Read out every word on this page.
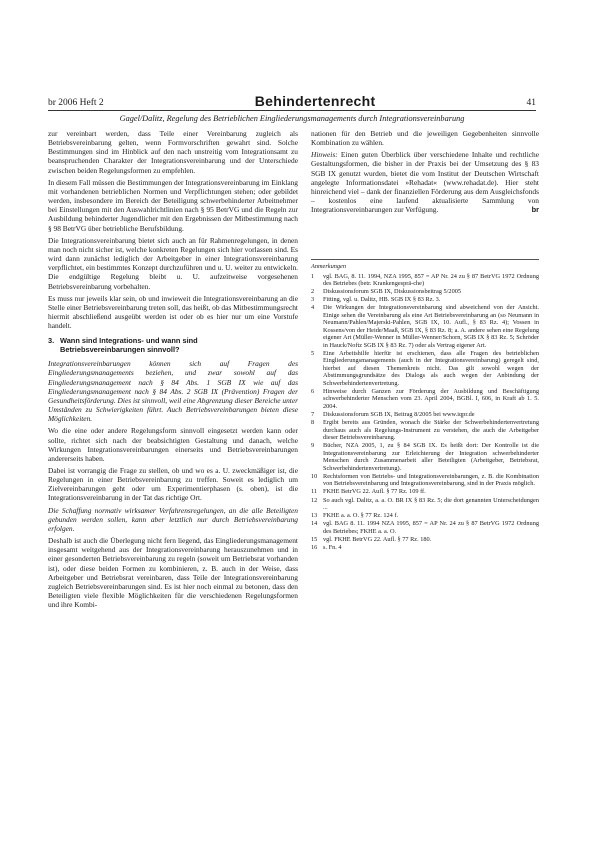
br 2006 Heft 2	Behindertenrecht	41
Gagel/Dalitz, Regelung des Betrieblichen Eingliederungsmanagements durch Integrationsvereinbarung

zur vereinbart werden, dass Teile einer Vereinbarung zugleich als Betriebsvereinbarung gelten, wenn Formvorschriften gewahrt sind. Solche Bestimmungen sind im Hinblick auf den nach unstreitig vom Integrationsamt zu beanspruchenden Charakter der Integrationsvereinbarung und der Unterschiede zwischen beiden Regelungsformen zu empfehlen.

In diesem Fall müssen die Bestimmungen der Integrationsvereinbarung im Einklang mit vorhandenen betrieblichen Normen und Verpflichtungen stehen; oder gebildet werden, insbesondere im Bereich der Beteiligung schwerbehinderter Arbeitnehmer bei Einstellungen mit den Auswahlrichtlinien nach § 95 BetrVG und die Regeln zur Ausbildung behinderter Jugendlicher mit den Ergebnissen der Mitbestimmung nach § 98 BetrVG über betriebliche Berufsbildung.

Die Integrationsvereinbarung bietet sich auch an für Rahmenregelungen, in denen man noch nicht sicher ist, welche konkreten Regelungen sich hier vorlassen sind. Es wird dann zunächst lediglich der Arbeitgeber in einer Integrationsvereinbarung verpflichtet, ein bestimmtes Konzept durchzuführen und u. U. weiter zu entwickeln. Die endgültige Regelung bleibt u. U. aufzeitweise vorgesehenen Betriebsvereinbarung vorbehalten.

Es muss nur jeweils klar sein, ob und inwieweit die Integrationsvereinbarung an die Stelle einer Betriebsvereinbarung treten soll, das heißt, ob das Mitbestimmungsrecht hiermit abschließend ausgeübt werden ist oder ob es hier nur um eine Vorstufe handelt.

3. Wann sind Integrations- und wann sind
Betriebsvereinbarungen sinnvoll?

Integrationsvereinbarungen können sich auf Fragen des Eingliederungsmanagements beziehen, und zwar sowohl auf das Eingliederungsmanagement nach § 84 Abs. 1 SGB IX wie auf das Eingliederungsmanagement nach § 84 Abs. 2 SGB IX (Prävention) Fragen der Gesundheitsförderung. Dies ist sinnvoll, weil eine Abgrenzung dieser Bereiche unter Umständen zu Schwierigkeiten führt. Auch Betriebsvereinbarungen bieten diese Möglichkeiten.

Wo die eine oder andere Regelungsform sinnvoll eingesetzt werden kann oder sollte, richtet sich nach der beabsichtigten Gestaltung und danach, welche Wirkungen Integrationsvereinbarungen einerseits und Betriebsvereinbarungen andererseits haben.

Dabei ist vorrangig die Frage zu stellen, ob und wo es a. U. zweckmäßiger ist, die Regelungen in einer Betriebsvereinbarung zu treffen. Soweit es lediglich um Zielvereinbarungen geht oder um Experimentierphasen (s. oben), ist die Integrationsvereinbarung in der Tat das richtige Ort.

Die Schaffung normativ wirksamer Verfahrensregelungen, an die alle Beteiligten gebunden werden sollen, kann aber letztlich nur durch Betriebsvereinbarung erfolgen.

Deshalb ist auch die Überlegung nicht fern liegend, das Eingliederungsmanagement insgesamt weitgehend aus der Integrationsvereinbarung herauszunehmen und in einer gesonderten Betriebsvereinbarung zu regeln (soweit um Betriebsrat vorhanden ist), oder diese beiden Formen zu kombinieren, z. B. auch in der Weise, dass Arbeitgeber und Betriebsrat vereinbaren, dass Teile der Integrationsvereinbarung zugleich Betriebsvereinbarungen sind. Es ist hier noch einmal zu betonen, dass den Beteiligten viele flexible Möglichkeiten für die verschiedenen Regelungsformen und ihre Kombi-

nationen für den Betrieb und die jeweiligen Gegebenheiten sinnvolle Kombination zu wählen.

Hinweis: Einen guten Überblick über verschiedene Inhalte und rechtliche Gestaltungsformen, die bisher in der Praxis bei der Umsetzung des § 83 SGB IX genutzt wurden, bietet die vom Institut der Deutschen Wirtschaft angelegte Informationsdatei »Rehadat« (www.rehadat.de). Hier steht hinreichend viel – dank der finanziellen Förderung aus dem Ausgleichsfonds – kostenlos eine laufend aktualisierte Sammlung von Integrationsvereinbarungen zur Verfügung.	br

Anmerkungen
1	vgl. BAG, 8. 11. 1994, NZA 1995, 857 = AP Nr. 24 zu § 87 BetrVG 1972 Ordnung des Betriebes (betr. Krankengesprä-che)
2	Diskussionsforum SGB IX, Diskussionsbeitrag 5/2005
3	Fitting, vgl. u. Dalitz, HB. SGB IX § 83 Rz. 3.
4	Die Wirkungen der Integrationsvereinbarung sind abweichend von der Ansicht. Einige sehen die Vereinbarung als eine Art Betriebsvereinbarung an (so Neumann in Neumann/Pahlen/Majerski-Pahlen, SGB IX, 10. Aufl., § 83 Rz. 4); Vossen in Kossens/von der Heide/Maaß, SGB IX, § 83 Rz. 8; a. A. andere sehen eine Regelung eigener Art (Müller-Wenner in Müller-Wenner/Schorn, SGB IX § 83 Rz. 5; Schröder in Hauck/Noftz SGB IX § 83 Rz. 7) oder als Vertrag eigener Art.
5	Eine Arbeitshilfe hierfür ist erschienen, dass alle Fragen des betrieblichen Eingliederungsmanagements (auch in der Integrationsvereinbarung) geregelt sind, hierbei auf diesen Themenkreis nicht. Das gilt sowohl wegen der Abstimmungsgrundsätze des Dialogs als auch wegen der Anbindung der Schwerbehindertenvertretung.
6	Hinweise durch Ganzen zur Förderung der Ausbildung und Beschäftigung schwerbehinderter Menschen vom 23. April 2004, BGBl. I, 606, in Kraft ab 1. 5. 2004.
7	Diskussionsforum SGB IX, Beitrag 8/2005 bei www.iqpr.de
8	Ergibt bereits aus Gründen, wonach die Stärke der Schwerbehindertenvertretung durchaus auch als Regelungs-Instrument zu verstehen, die auch die Arbeitgeber dieser Betriebsvereinbarung.
9	Bücher, NZA 2005, 1, zu § 84 SGB IX. Es heißt dort: Der Kontrolle ist die Integrationsvereinbarung zur Erleichterung der Integration schwerbehinderter Menschen durch Zusammenarbeit aller Beteiligten (Arbeitgeber, Betriebsrat, Schwerbehindertenvertretung).
10 Rechtsformen von Betriebs- und Integrationsvereinbarungen, z. B. die Kombination von Betriebsvereinbarung und Integrationsvereinbarung, sind in der Praxis möglich.
11 FKHE BetrVG 22. Aufl. § 77 Rz. 109 ff.
12 So auch vgl. Dalitz, a. a. O. BR IX § 83 Rz. 5; die dort genannten Unterscheidungen ...
13 FKHE a. a. O. § 77 Rz. 124 f.
14 vgl. BAG 8. 11. 1994 NZA 1995, 857 = AP Nr. 24 zu § 87 BetrVG 1972 Ordnung des Betriebes; FKHE a. a. O.
15 vgl. FKHE BetrVG 22. Aufl. § 77 Rz. 180.
16 s. Fn. 4
